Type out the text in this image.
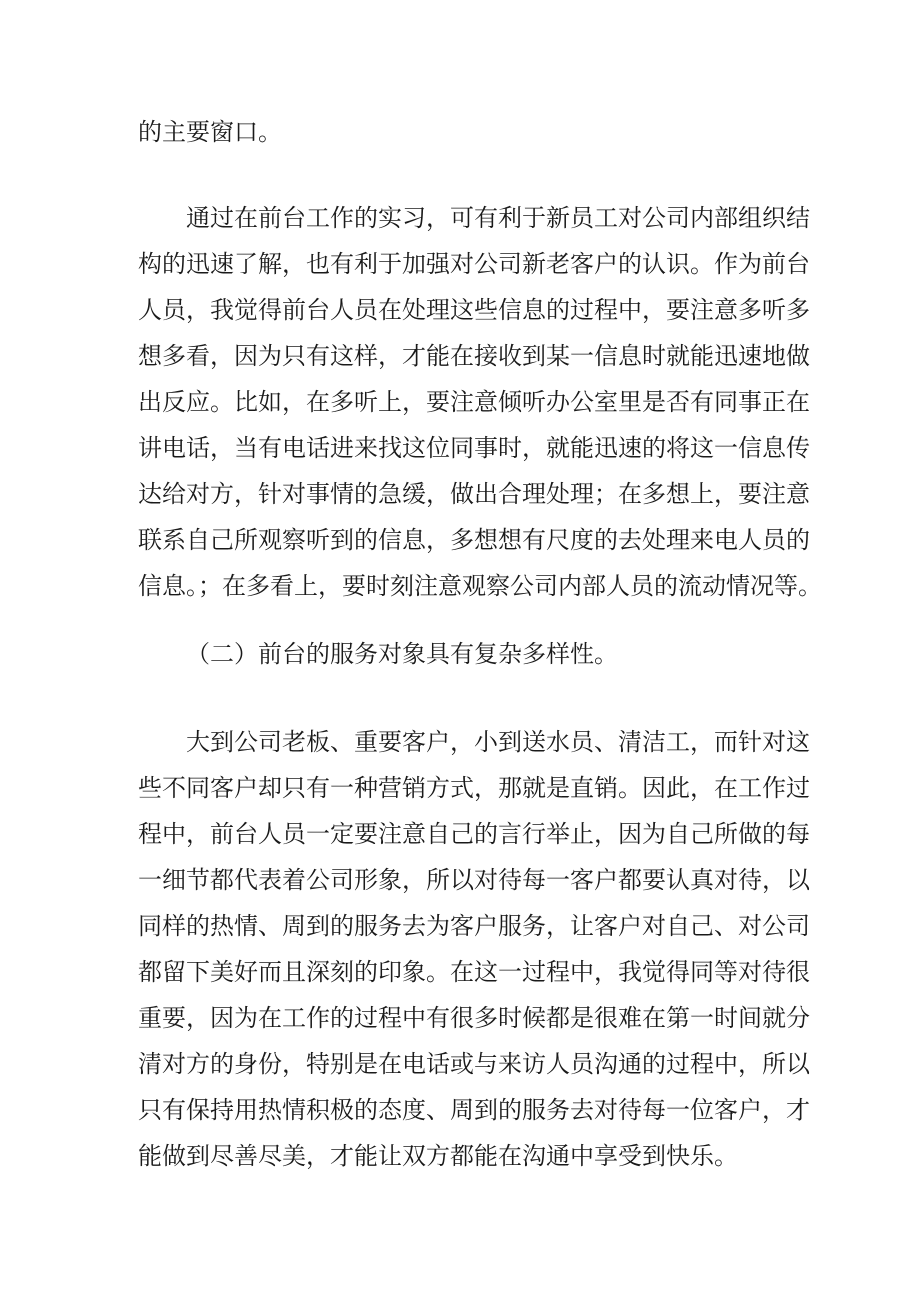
的主要窗口。

通过在前台工作的实习，可有利于新员工对公司内部组织结

构的迅速了解，也有利于加强对公司新老客户的认识。作为前台

人员，我觉得前台人员在处理这些信息的过程中，要注意多听多

想多看，因为只有这样，才能在接收到某一信息时就能迅速地做

出反应。比如，在多听上，要注意倾听办公室里是否有同事正在

讲电话，当有电话进来找这位同事时，就能迅速的将这一信息传

达给对方，针对事情的急缓，做出合理处理；在多想上，要注意

联系自己所观察听到的信息，多想想有尺度的去处理来电人员的

信息。；在多看上，要时刻注意观察公司内部人员的流动情况等。

（二）前台的服务对象具有复杂多样性。

大到公司老板、重要客户，小到送水员、清洁工，而针对这

些不同客户却只有一种营销方式，那就是直销。因此，在工作过

程中，前台人员一定要注意自己的言行举止，因为自己所做的每

一细节都代表着公司形象，所以对待每一客户都要认真对待，以

同样的热情、周到的服务去为客户服务，让客户对自己、对公司

都留下美好而且深刻的印象。在这一过程中，我觉得同等对待很

重要，因为在工作的过程中有很多时候都是很难在第一时间就分

清对方的身份，特别是在电话或与来访人员沟通的过程中，所以

只有保持用热情积极的态度、周到的服务去对待每一位客户，才

能做到尽善尽美，才能让双方都能在沟通中享受到快乐。
